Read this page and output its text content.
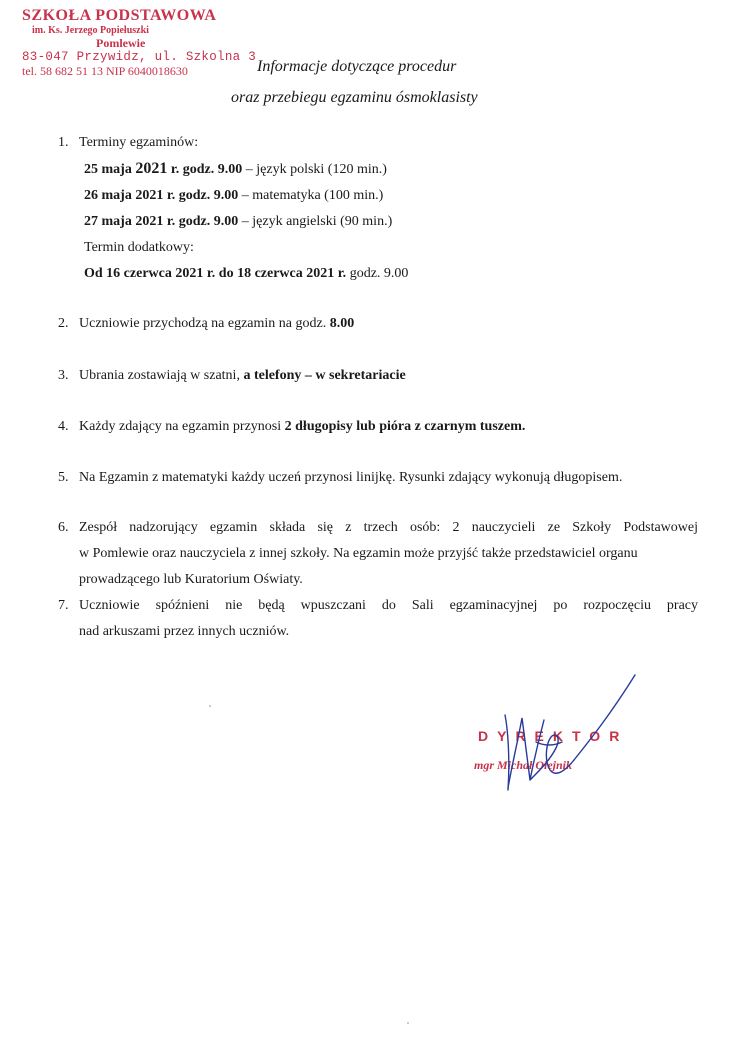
SZKOŁA PODSTAWOWA
im. Ks. Jerzego Popiełuszki
Pomlewie
83-047 Przywidz, ul. Szkolna 3
tel. 58 682 51 13 NIP 6040018630	Informacje dotyczące procedur
oraz przebiegu egzaminu ósmoklasisty
1. Terminy egzaminów:
25 maja 2021 r. godz. 9.00 – język polski (120 min.)
26 maja 2021 r. godz. 9.00 – matematyka (100 min.)
27 maja 2021 r. godz. 9.00 – język angielski (90 min.)
Termin dodatkowy:
Od 16 czerwca 2021 r. do 18 czerwca 2021 r. godz. 9.00
2. Uczniowie przychodzą na egzamin na godz. 8.00
3. Ubrania zostawiają w szatni, a telefony – w sekretariacie
4. Każdy zdający na egzamin przynosi 2 długopisy lub pióra z czarnym tuszem.
5. Na Egzamin z matematyki każdy uczeń przynosi linijkę. Rysunki zdający wykonują długopisem.
6. Zespół nadzorujący egzamin składa się z trzech osób: 2 nauczycieli ze Szkoły Podstawowej
w Pomlewie oraz nauczyciela z innej szkoły. Na egzamin może przyjść także przedstawiciel organu
prowadzącego lub Kuratorium Oświaty.
7. Uczniowie spóźnieni nie będą wpuszczani do Sali egzaminacyjnej po rozpoczęciu pracy
nad arkuszami przez innych uczniów.
DYREKTOR
mgr Michał Olejnik
